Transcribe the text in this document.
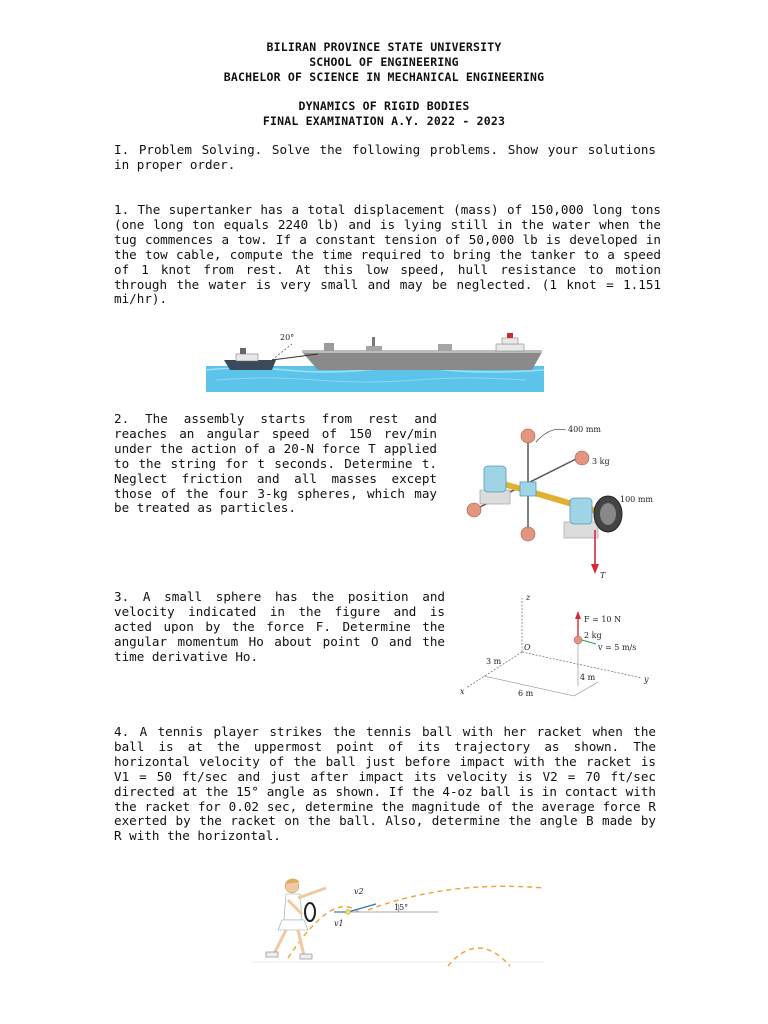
BILIRAN PROVINCE STATE UNIVERSITY
SCHOOL OF ENGINEERING
BACHELOR OF SCIENCE IN MECHANICAL ENGINEERING
DYNAMICS OF RIGID BODIES
FINAL EXAMINATION A.Y. 2022 - 2023

I. Problem Solving. Solve the following problems. Show your solutions in proper order.

1. The supertanker has a total displacement (mass) of 150,000 long tons (one long ton equals 2240 lb) and is lying still in the water when the tug commences a tow. If a constant tension of 50,000 lb is developed in the tow cable, compute the time required to bring the tanker to a speed of 1 knot from rest. At this low speed, hull resistance to motion through the water is very small and may be neglected. (1 knot = 1.151 mi/hr).

20°

2. The assembly starts from rest and reaches an angular speed of 150 rev/min under the action of a 20-N force T applied to the string for t seconds. Determine t. Neglect friction and all masses except those of the four 3-kg spheres, which may be treated as particles.

400 mm
3 kg
100 mm
T

3. A small sphere has the position and velocity indicated in the figure and is acted upon by the force F. Determine the angular momentum Ho about point O and the time derivative Ho.

z
F = 10 N
2 kg
v = 5 m/s
O
3 m
4 m
6 m
x
y

4. A tennis player strikes the tennis ball with her racket when the ball is at the uppermost point of its trajectory as shown. The horizontal velocity of the ball just before impact with the racket is V1 = 50 ft/sec and just after impact its velocity is V2 = 70 ft/sec directed at the 15° angle as shown. If the 4-oz ball is in contact with the racket for 0.02 sec, determine the magnitude of the average force R exerted by the racket on the ball. Also, determine the angle B made by R with the horizontal.

v2
15°
v1
